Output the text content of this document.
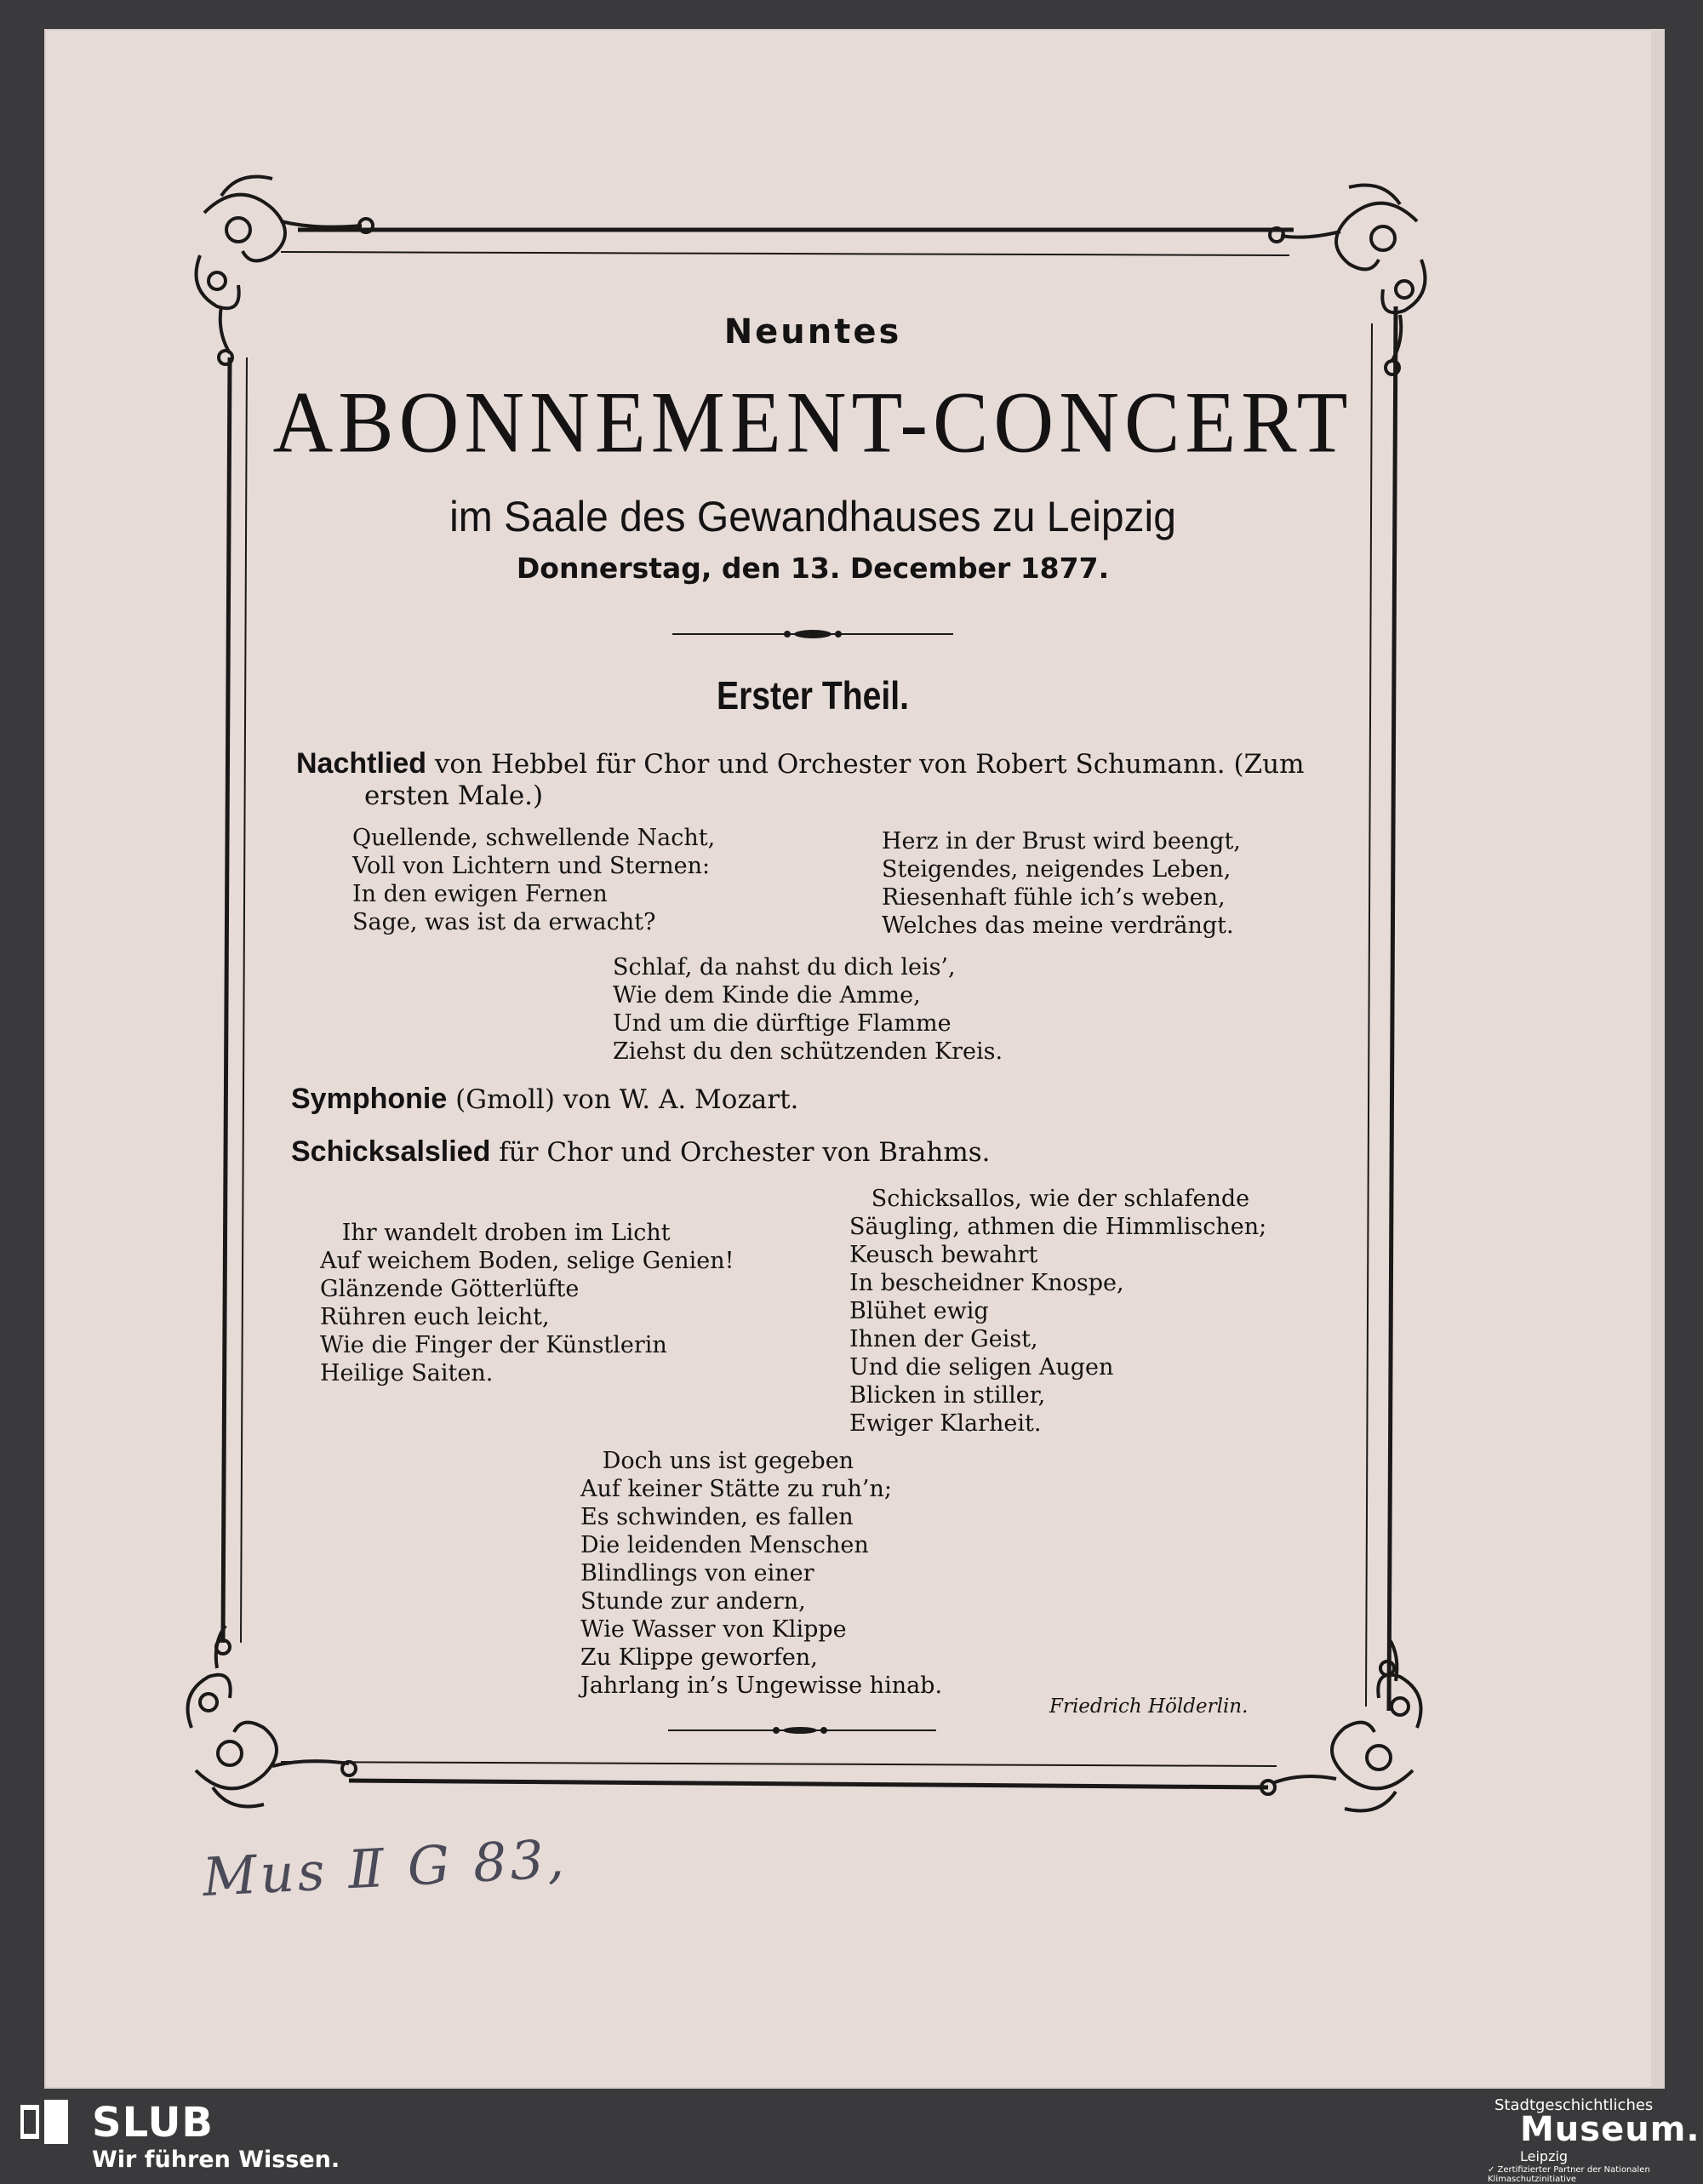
Neuntes
ABONNEMENT-CONCERT
im Saale des Gewandhauses zu Leipzig
Donnerstag, den 13. December 1877.
Erster Theil.
Nachtlied von Hebbel für Chor und Orchester von Robert Schumann. (Zum
ersten Male.)
Quellende, schwellende Nacht,
Voll von Lichtern und Sternen:
In den ewigen Fernen
Sage, was ist da erwacht?
Herz in der Brust wird beengt,
Steigendes, neigendes Leben,
Riesenhaft fühle ich’s weben,
Welches das meine verdrängt.
Schlaf, da nahst du dich leis’,
Wie dem Kinde die Amme,
Und um die dürftige Flamme
Ziehst du den schützenden Kreis.
Symphonie (Gmoll) von W. A. Mozart.
Schicksalslied für Chor und Orchester von Brahms.
Ihr wandelt droben im Licht
Auf weichem Boden, selige Genien!
Glänzende Götterlüfte
Rühren euch leicht,
Wie die Finger der Künstlerin
Heilige Saiten.
Schicksallos, wie der schlafende
Säugling, athmen die Himmlischen;
Keusch bewahrt
In bescheidner Knospe,
Blühet ewig
Ihnen der Geist,
Und die seligen Augen
Blicken in stiller,
Ewiger Klarheit.
Doch uns ist gegeben
Auf keiner Stätte zu ruh’n;
Es schwinden, es fallen
Die leidenden Menschen
Blindlings von einer
Stunde zur andern,
Wie Wasser von Klippe
Zu Klippe geworfen,
Jahrlang in’s Ungewisse hinab.
Friedrich Hölderlin.
Mus Ⅱ G 83,
SLUB
Wir führen Wissen.
Stadtgeschichtliches
Museum.
Leipzig
✓ Zertifizierter Partner der Nationalen Klimaschutzinitiative
